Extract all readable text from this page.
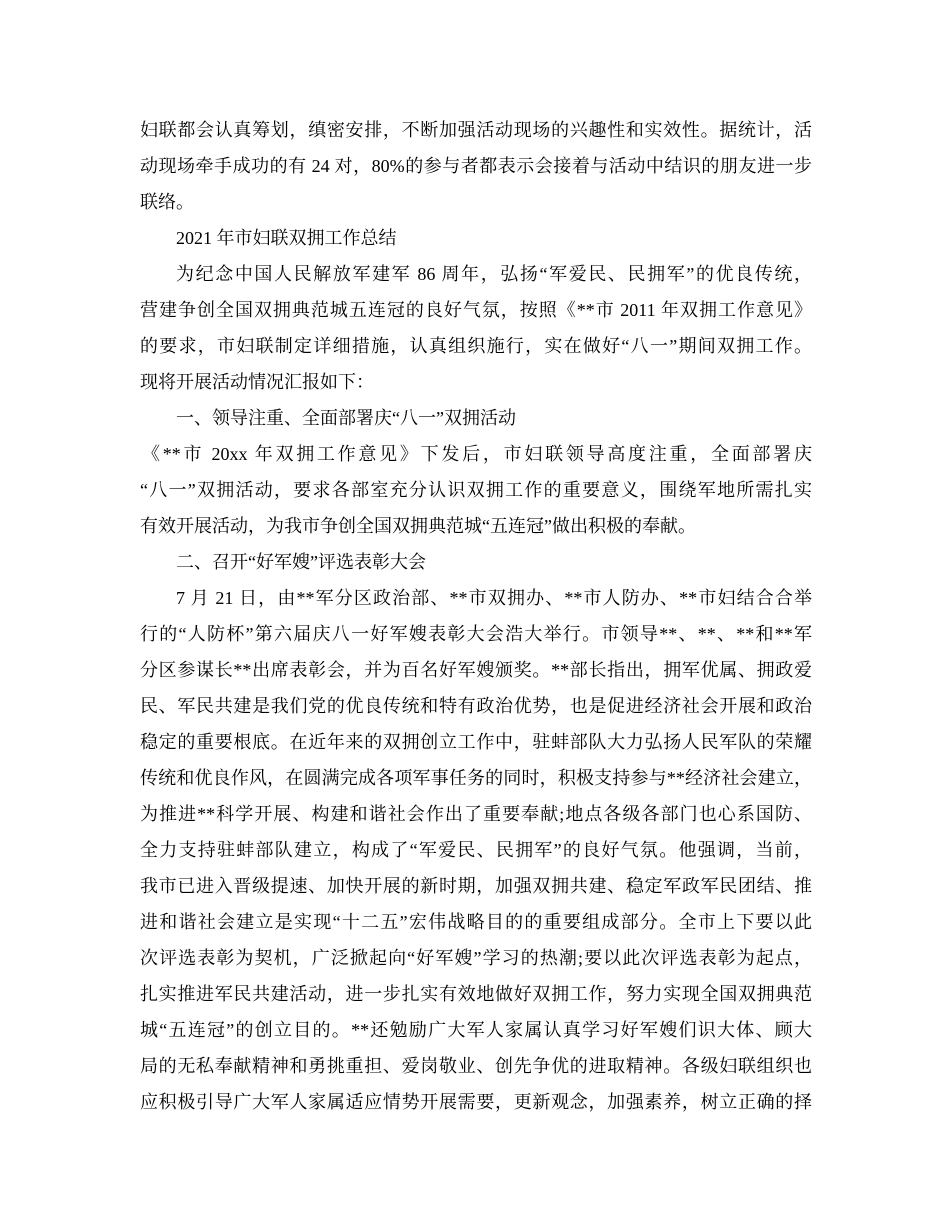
妇联都会认真筹划，缜密安排，不断加强活动现场的兴趣性和实效性。据统计，活
动现场牵手成功的有 24 对，80%的参与者都表示会接着与活动中结识的朋友进一步
联络。
2021 年市妇联双拥工作总结
为纪念中国人民解放军建军 86 周年，弘扬“军爱民、民拥军”的优良传统，
营建争创全国双拥典范城五连冠的良好气氛，按照《**市 2011 年双拥工作意见》
的要求，市妇联制定详细措施，认真组织施行，实在做好“八一”期间双拥工作。
现将开展活动情况汇报如下：
一、领导注重、全面部署庆“八一”双拥活动
《**市 20xx 年双拥工作意见》下发后，市妇联领导高度注重，全面部署庆
“八一”双拥活动，要求各部室充分认识双拥工作的重要意义，围绕军地所需扎实
有效开展活动，为我市争创全国双拥典范城“五连冠”做出积极的奉献。
二、召开“好军嫂”评选表彰大会
7 月 21 日，由**军分区政治部、**市双拥办、**市人防办、**市妇结合合举
行的“人防杯”第六届庆八一好军嫂表彰大会浩大举行。市领导**、**、**和**军
分区参谋长**出席表彰会，并为百名好军嫂颁奖。**部长指出，拥军优属、拥政爱
民、军民共建是我们党的优良传统和特有政治优势，也是促进经济社会开展和政治
稳定的重要根底。在近年来的双拥创立工作中，驻蚌部队大力弘扬人民军队的荣耀
传统和优良作风，在圆满完成各项军事任务的同时，积极支持参与**经济社会建立，
为推进**科学开展、构建和谐社会作出了重要奉献;地点各级各部门也心系国防、
全力支持驻蚌部队建立，构成了“军爱民、民拥军”的良好气氛。他强调，当前，
我市已进入晋级提速、加快开展的新时期，加强双拥共建、稳定军政军民团结、推
进和谐社会建立是实现“十二五”宏伟战略目的的重要组成部分。全市上下要以此
次评选表彰为契机，广泛掀起向“好军嫂”学习的热潮;要以此次评选表彰为起点，
扎实推进军民共建活动，进一步扎实有效地做好双拥工作，努力实现全国双拥典范
城“五连冠”的创立目的。**还勉励广大军人家属认真学习好军嫂们识大体、顾大
局的无私奉献精神和勇挑重担、爱岗敬业、创先争优的进取精神。各级妇联组织也
应积极引导广大军人家属适应情势开展需要，更新观念，加强素养，树立正确的择
